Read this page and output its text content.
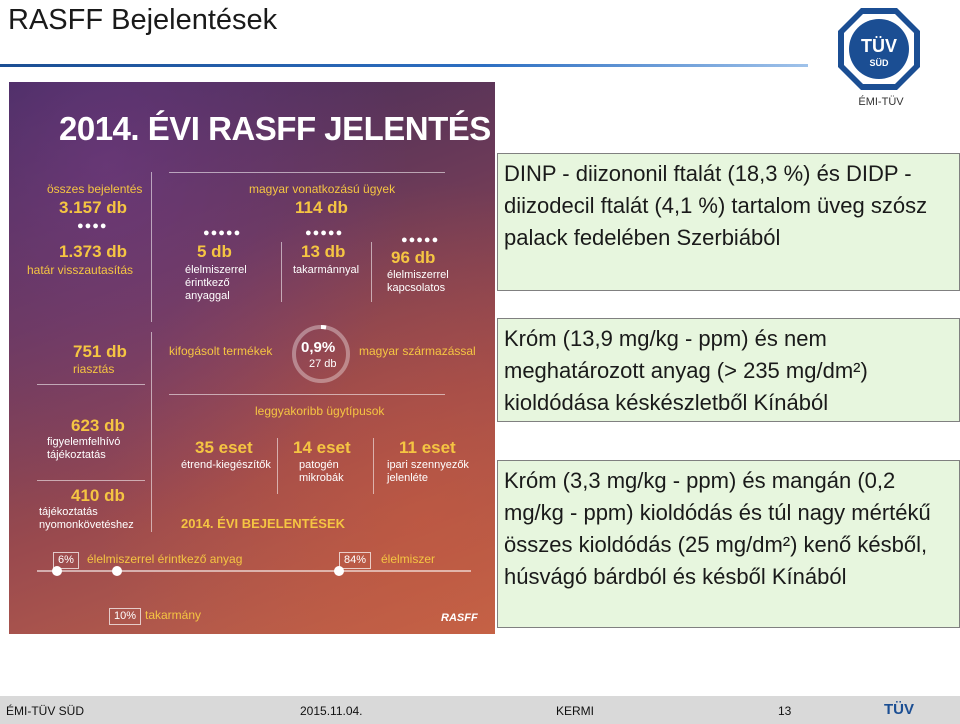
RASFF Bejelentések
TÜV
SÜD
ÉMI-TÜV
2014. ÉVI RASFF JELENTÉS
összes bejelentés
3.157 db
●●●●
1.373 db
határ visszautasítás
magyar vonatkozású ügyek
114 db
●●●●●	●●●●●
●●●●●
5 db
élelmiszerrel érintkező anyaggal
13 db
takarmánnyal
96 db
élelmiszerrel kapcsolatos
751 db
riasztás
kifogásolt termékek 0,9%
27 db
magyar származással
leggyakoribb ügytípusok
623 db
figyelemfelhívó tájékoztatás	35 eset
étrend-kiegészítők
14 eset
patogén mikrobák
11 eset
ipari szennyezők jelenléte
410 db
tájékoztatás nyomonkövetéshez	2014. ÉVI BEJELENTÉSEK
6%	élelmiszerrel érintkező anyag	84%	élelmiszer
10% takarmány	RASFF

DINP - diizononil ftalát (18,3 %) és DIDP - diizodecil ftalát (4,1 %) tartalom üveg szósz palack fedelében Szerbiából

Króm (13,9 mg/kg - ppm) és nem meghatározott anyag (> 235 mg/dm²) kioldódása késkészletből Kínából

Króm (3,3 mg/kg - ppm) és mangán (0,2 mg/kg - ppm) kioldódás és túl nagy mértékű összes kioldódás (25 mg/dm²) kenő késből, húsvágó bárdból és késből Kínából

ÉMI-TÜV SÜD	2015.11.04.	KERMI	13	TÜV
